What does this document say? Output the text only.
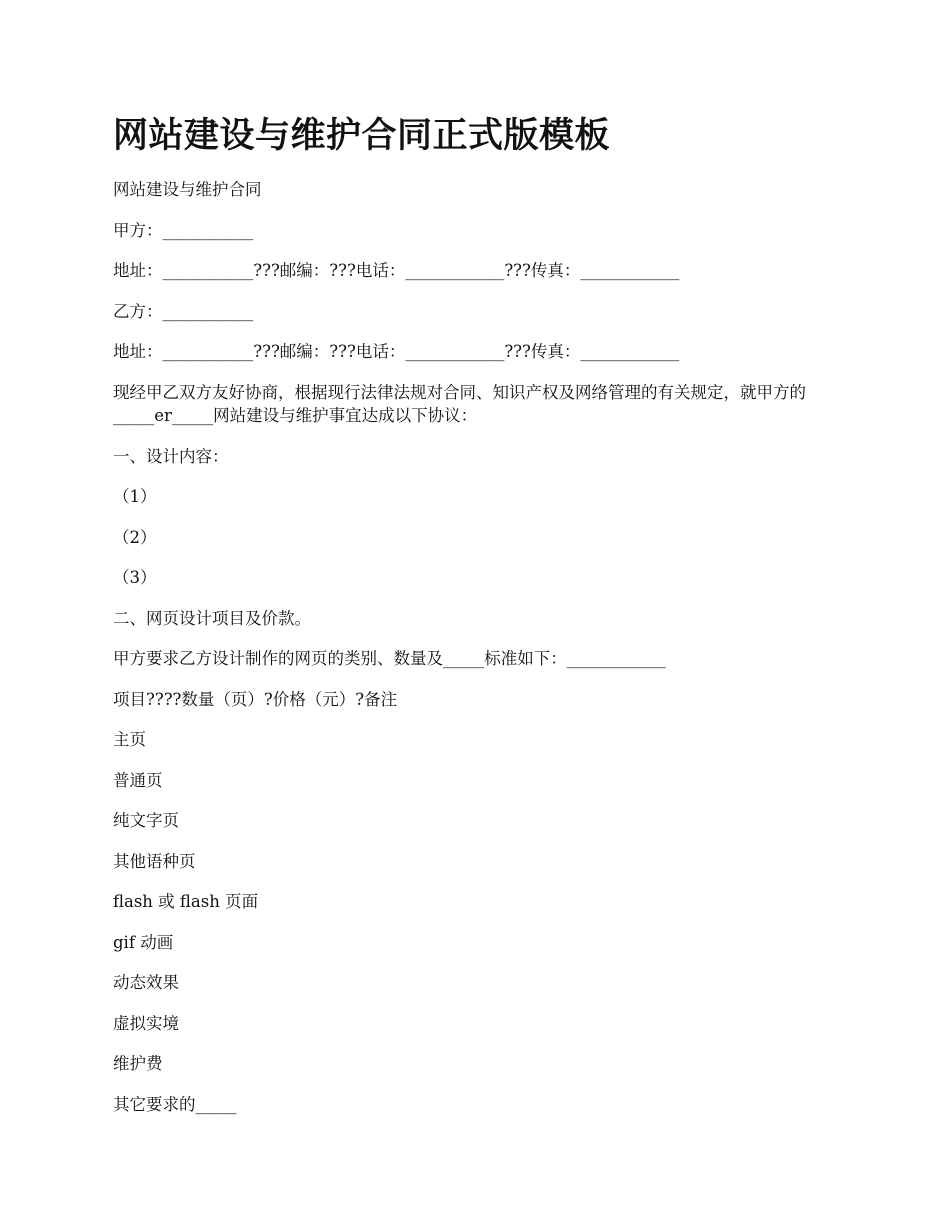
网站建设与维护合同正式版模板
网站建设与维护合同
甲方：___________
地址：___________???邮编：???电话：____________???传真：____________
乙方：___________
地址：___________???邮编：???电话：____________???传真：____________
现经甲乙双方友好协商，根据现行法律法规对合同、知识产权及网络管理的有关规定，就甲方的_____er_____网站建设与维护事宜达成以下协议：
一、设计内容：
（1）
（2）
（3）
二、网页设计项目及价款。
甲方要求乙方设计制作的网页的类别、数量及_____标准如下：____________
项目????数量（页）?价格（元）?备注
主页
普通页
纯文字页
其他语种页
flash 或 flash 页面
gif 动画
动态效果
虚拟实境
维护费
其它要求的_____
